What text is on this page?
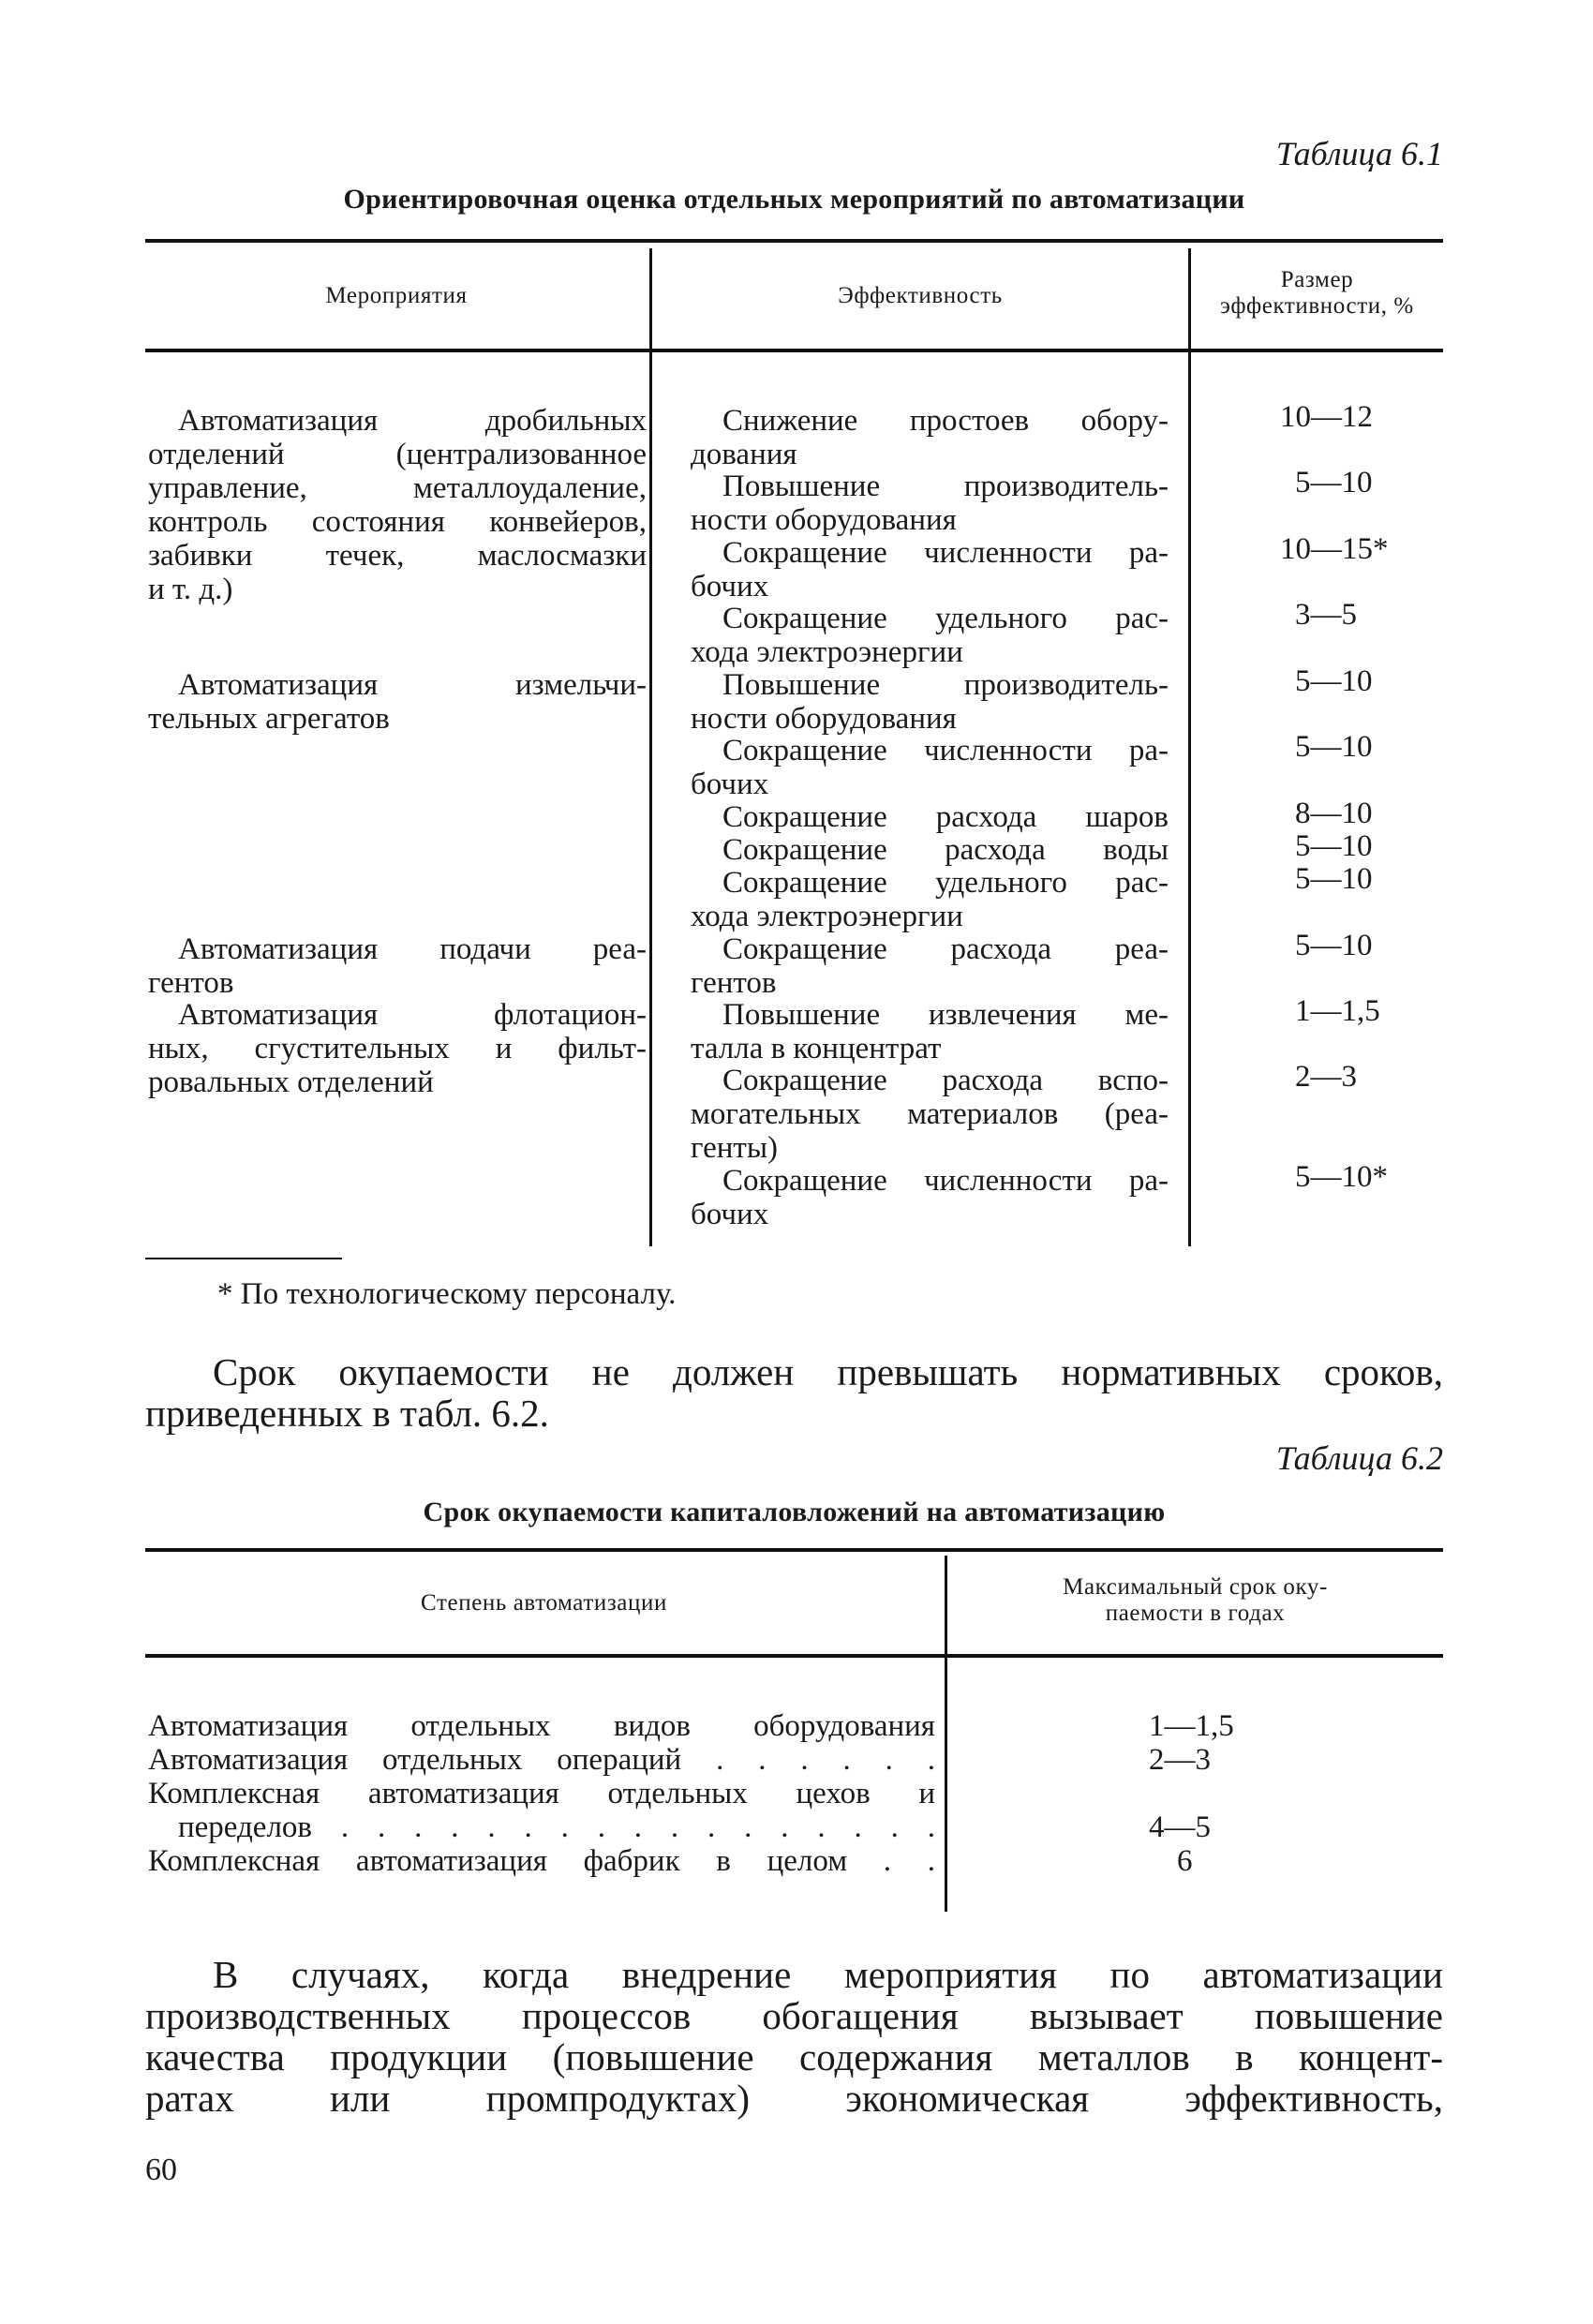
Таблица 6.1
Ориентировочная оценка отдельных мероприятий по автоматизации
Мероприятия	Эффективность
Размер
эффективности, %
Автоматизация дробильных
отделений (централизованное
управление, металлоудаление,
контроль состояния конвейеров,
забивки течек, маслосмазки
и т. д.)
Автоматизация измельчи-
тельных агрегатов
Автоматизация подачи реа-
гентов
Автоматизация флотацион-
ных, сгустительных и фильт-
ровальных отделений
Снижение простоев обору-
дования
Повышение производитель-
ности оборудования
Сокращение численности ра-
бочих
Сокращение удельного рас-
хода электроэнергии
Повышение производитель-
ности оборудования
Сокращение численности ра-
бочих
Сокращение расхода шаров
Сокращение расхода воды
Сокращение удельного рас-
хода электроэнергии
Сокращение расхода реа-
гентов
Повышение извлечения ме-
талла в концентрат
Сокращение расхода вспо-
могательных материалов (реа-
генты)
Сокращение численности ра-
бочих
10—12
5—10
10—15*
3—5
5—10
5—10
8—10
5—10
5—10
5—10
1—1,5
2—3
5—10*
* По технологическому персоналу.
Срок окупаемости не должен превышать нормативных сроков,
приведенных в табл. 6.2.
Таблица 6.2
Срок окупаемости капиталовложений на автоматизацию
Степень автоматизации
Максимальный срок оку-
паемости в годах
Автоматизация отдельных видов оборудования
Автоматизация отдельных операций . . . . . .
Комплексная автоматизация отдельных цехов и
переделов . . . . . . . . . . . . . . . . .
Комплексная автоматизация фабрик в целом . .
1—1,5
2—3
4—5
6
В случаях, когда внедрение мероприятия по автоматизации
производственных процессов обогащения вызывает повышение
качества продукции (повышение содержания металлов в концент-
ратах или промпродуктах) экономическая эффективность,
60
